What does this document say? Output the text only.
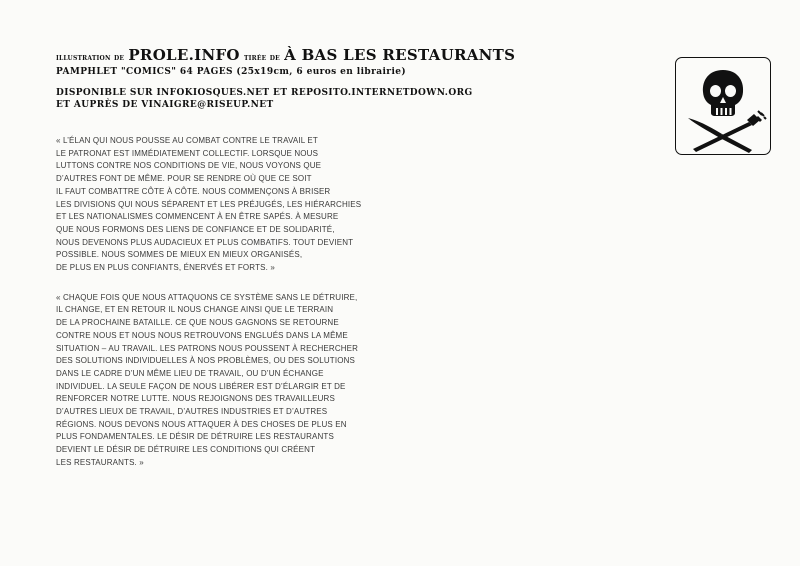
illustration de PROLE.INFO tirée de À BAS LES RESTAURANTS
PAMPHLET "COMICS" 64 PAGES (25x19cm, 6 euros en librairie)
DISPONIBLE SUR INFOKIOSQUES.NET ET REPOSITO.INTERNETDOWN.ORG
ET AUPRÈS DE VINAIGRE@RISEUP.NET
« L’ÉLAN QUI NOUS POUSSE AU COMBAT CONTRE LE TRAVAIL ET
LE PATRONAT EST IMMÉDIATEMENT COLLECTIF. LORSQUE NOUS
LUTTONS CONTRE NOS CONDITIONS DE VIE, NOUS VOYONS QUE
D’AUTRES FONT DE MÊME. POUR SE RENDRE OÙ QUE CE SOIT
IL FAUT COMBATTRE CÔTE À CÔTE. NOUS COMMENÇONS À BRISER
LES DIVISIONS QUI NOUS SÉPARENT ET LES PRÉJUGÉS, LES HIÉRARCHIES
ET LES NATIONALISMES COMMENCENT À EN ÊTRE SAPÉS. À MESURE
QUE NOUS FORMONS DES LIENS DE CONFIANCE ET DE SOLIDARITÉ,
NOUS DEVENONS PLUS AUDACIEUX ET PLUS COMBATIFS. TOUT DEVIENT
POSSIBLE. NOUS SOMMES DE MIEUX EN MIEUX ORGANISÉS,
DE PLUS EN PLUS CONFIANTS, ÉNERVÉS ET FORTS. »
« CHAQUE FOIS QUE NOUS ATTAQUONS CE SYSTÈME SANS LE DÉTRUIRE,
IL CHANGE, ET EN RETOUR IL NOUS CHANGE AINSI QUE LE TERRAIN
DE LA PROCHAINE BATAILLE. CE QUE NOUS GAGNONS SE RETOURNE
CONTRE NOUS ET NOUS NOUS RETROUVONS ENGLUÉS DANS LA MÊME
SITUATION – AU TRAVAIL. LES PATRONS NOUS POUSSENT À RECHERCHER
DES SOLUTIONS INDIVIDUELLES À NOS PROBLÈMES, OU DES SOLUTIONS
DANS LE CADRE D’UN MÊME LIEU DE TRAVAIL, OU D’UN ÉCHANGE
INDIVIDUEL. LA SEULE FAÇON DE NOUS LIBÉRER EST D’ÉLARGIR ET DE
RENFORCER NOTRE LUTTE. NOUS REJOIGNONS DES TRAVAILLEURS
D’AUTRES LIEUX DE TRAVAIL, D’AUTRES INDUSTRIES ET D’AUTRES
RÉGIONS. NOUS DEVONS NOUS ATTAQUER À DES CHOSES DE PLUS EN
PLUS FONDAMENTALES. LE DÉSIR DE DÉTRUIRE LES RESTAURANTS
DEVIENT LE DÉSIR DE DÉTRUIRE LES CONDITIONS QUI CRÉENT
LES RESTAURANTS. »
